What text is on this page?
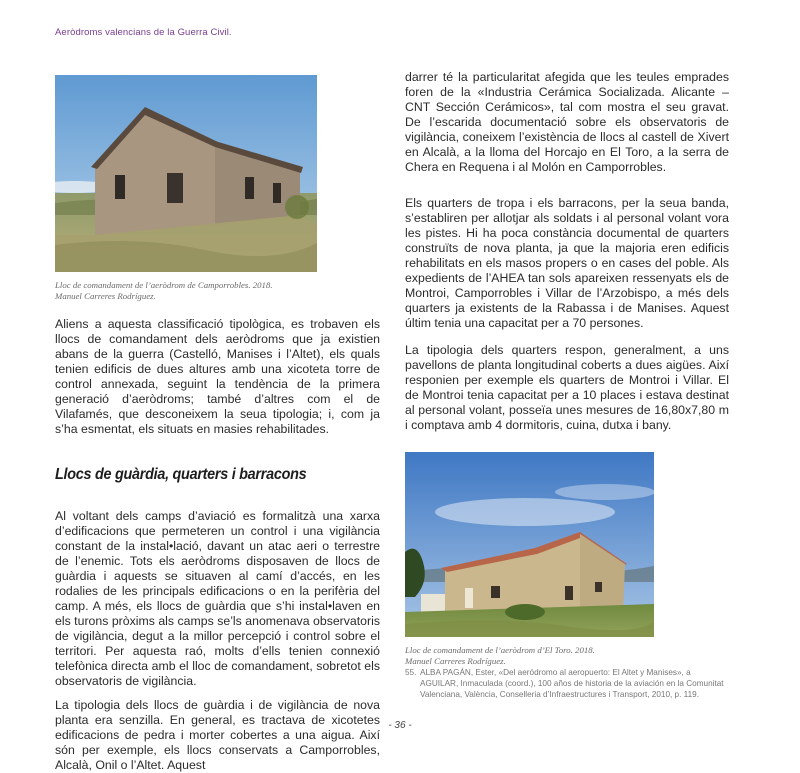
Aeròdroms valencians de la Guerra Civil.
Lloc de comandament de l’aeròdrom de Camporrobles. 2018.
Manuel Carreres Rodríguez.

Aliens a aquesta classificació tipològica, es trobaven els llocs de comandament dels aeròdroms que ja existien abans de la guerra (Castelló, Manises i l’Altet), els quals tenien edificis de dues altures amb una xicoteta torre de control annexada, seguint la tendència de la primera generació d’aeròdroms; també d’altres com el de Vilafamés, que desconeixem la seua tipologia; i, com ja s’ha esmentat, els situats en masies rehabilitades.

Llocs de guàrdia, quarters i barracons

Al voltant dels camps d’aviació es formalitzà una xarxa d’edificacions que permeteren un control i una vigilància constant de la instal•lació, davant un atac aeri o terrestre de l’enemic. Tots els aeròdroms disposaven de llocs de guàrdia i aquests se situaven al camí d’accés, en les rodalies de les principals edificacions o en la perifèria del camp. A més, els llocs de guàrdia que s’hi instal•laven en els turons pròxims als camps se’ls anomenava observatoris de vigilància, degut a la millor percepció i control sobre el territori. Per aquesta raó, molts d’ells tenien connexió telefònica directa amb el lloc de comandament, sobretot els observatoris de vigilància.

La tipologia dels llocs de guàrdia i de vigilància de nova planta era senzilla. En general, es tractava de xicotetes edificacions de pedra i morter cobertes a una aigua. Així són per exemple, els llocs conservats a Camporrobles, Alcalà, Onil o l’Altet. Aquest

darrer té la particularitat afegida que les teules emprades foren de la «Industria Cerámica Socializada. Alicante – CNT Sección Cerámicos», tal com mostra el seu gravat. De l’escarida documentació sobre els observatoris de vigilància, coneixem l’existència de llocs al castell de Xivert en Alcalà, a la lloma del Horcajo en El Toro, a la serra de Chera en Requena i al Molón en Camporrobles.

Els quarters de tropa i els barracons, per la seua banda, s’establiren per allotjar als soldats i al personal volant vora les pistes. Hi ha poca constància documental de quarters construïts de nova planta, ja que la majoria eren edificis rehabilitats en els masos propers o en cases del poble. Als expedients de l’AHEA tan sols apareixen ressenyats els de Montroi, Camporrobles i Villar de l’Arzobispo, a més dels quarters ja existents de la Rabassa i de Manises. Aquest últim tenia una capacitat per a 70 persones.

La tipologia dels quarters respon, generalment, a uns pavellons de planta longitudinal coberts a dues aigües. Així responien per exemple els quarters de Montroi i Villar. El de Montroi tenia capacitat per a 10 places i estava destinat al personal volant, posseïa unes mesures de 16,80x7,80 m i comptava amb 4 dormitoris, cuina, dutxa i bany.

Lloc de comandament de l’aeròdrom d’El Toro. 2018.
Manuel Carreres Rodríguez.
55. ALBA PAGÁN, Ester, «Del aeródromo al aeropuerto: El Altet y Manises», a AGUILAR, Inmaculada (coord.), 100 años de historia de la aviación en la Comunitat Valenciana, València, Conselleria d’Infraestructures i Transport, 2010, p. 119.
- 36 -
